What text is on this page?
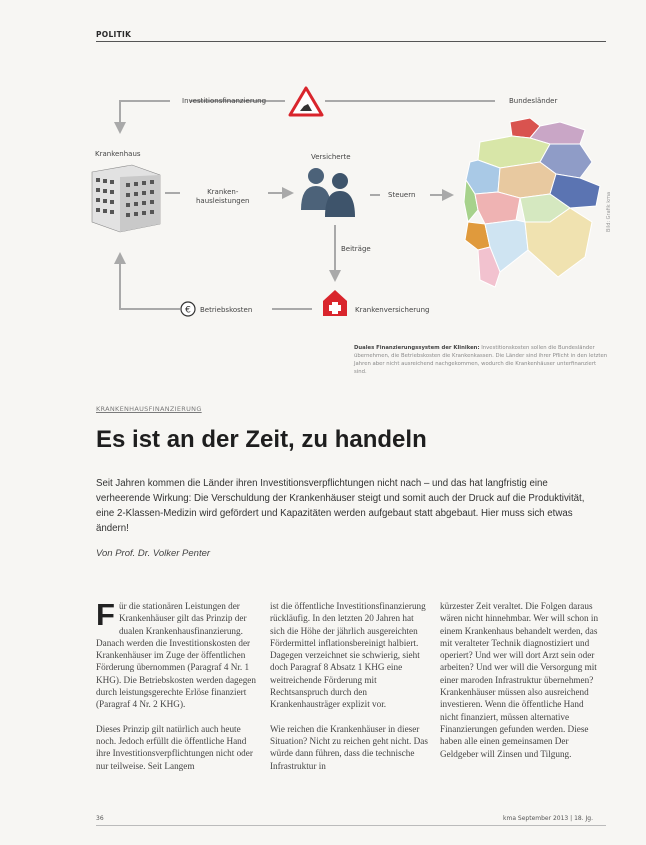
POLITIK
€
Investitionsfinanzierung	Bundesländer
Krankenhaus	Versicherte
Kranken-
hausleistungen
Steuern
Beiträge
Betriebskosten	Krankenversicherung
Duales Finanzierungssystem der Kliniken: Investitionskosten sollen die Bundesländer übernehmen, die Betriebskosten die Krankenkassen. Die Länder sind ihrer Pflicht in den letzten Jahren aber nicht ausreichend nachgekommen, wodurch die Krankenhäuser unterfinanziert sind.
Bild: Grafik kma
KRANKENHAUSFINANZIERUNG
Es ist an der Zeit, zu handeln
Seit Jahren kommen die Länder ihren Investitionsverpflichtungen nicht nach – und das hat langfristig eine verheerende Wirkung: Die Verschuldung der Krankenhäuser steigt und somit auch der Druck auf die Produktivität, eine 2-Klassen-Medizin wird gefördert und Kapazitäten werden aufgebaut statt abgebaut. Hier muss sich etwas ändern!
Von Prof. Dr. Volker Penter

Für die stationären Leistungen der Krankenhäuser gilt das Prinzip der dualen Krankenhausfinanzierung. Danach werden die Investitionskosten der Krankenhäuser im Zuge der öffentlichen Förderung übernommen (Paragraf 4 Nr. 1 KHG). Die Betriebskosten werden dagegen durch leistungsgerechte Erlöse finanziert (Paragraf 4 Nr. 2 KHG).

Dieses Prinzip gilt natürlich auch heute noch. Jedoch erfüllt die öffentliche Hand ihre Investitionsverpflichtungen nicht oder nur teilweise. Seit Langem

ist die öffentliche Investitionsfinanzierung rückläufig. In den letzten 20 Jahren hat sich die Höhe der jährlich ausgereichten Fördermittel inflationsbereinigt halbiert. Dagegen verzeichnet sie schwierig, sieht doch Paragraf 8 Absatz 1 KHG eine weitreichende Förderung mit Rechtsanspruch durch den Krankenhausträger explizit vor.

Wie reichen die Krankenhäuser in dieser Situation? Nicht zu reichen geht nicht. Das würde dann führen, dass die technische Infrastruktur in

kürzester Zeit veraltet. Die Folgen daraus wären nicht hinnehmbar. Wer will schon in einem Krankenhaus behandelt werden, das mit veralteter Technik diagnostiziert und operiert? Und wer will dort Arzt sein oder arbeiten? Und wer will die Versorgung mit einer maroden Infrastruktur übernehmen? Krankenhäuser müssen also ausreichend investieren. Wenn die öffentliche Hand nicht finanziert, müssen alternative Finanzierungen gefunden werden. Diese haben alle einen gemeinsamen Der Geldgeber will Zinsen und Tilgung.

36	kma September 2013 | 18. Jg.
